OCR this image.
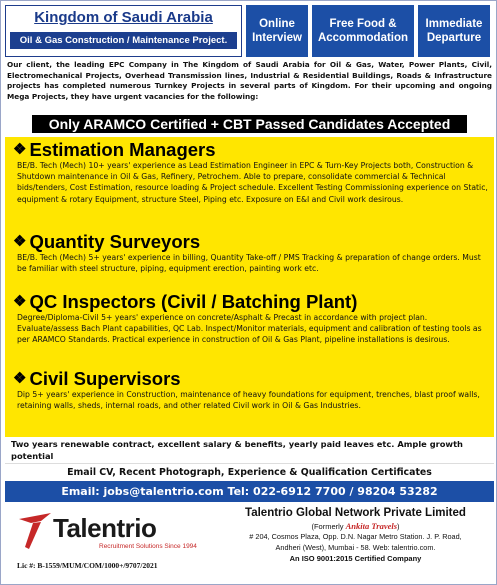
Kingdom of Saudi Arabia
Oil & Gas Construction / Maintenance Project.
Online Interview
Free Food & Accommodation
Immediate Departure
Our client, the leading EPC Company in The Kingdom of Saudi Arabia for Oil & Gas, Water, Power Plants, Civil, Electromechanical Projects, Overhead Transmission lines, Industrial & Residential Buildings, Roads & Infrastructure projects has completed numerous Turnkey Projects in several parts of Kingdom. For their upcoming and ongoing Mega Projects, they have urgent vacancies for the following:
Only ARAMCO Certified + CBT Passed Candidates Accepted
❖ Estimation Managers
BE/B. Tech (Mech) 10+ years' experience as Lead Estimation Engineer in EPC & Turn-Key Projects both, Construction & Shutdown maintenance in Oil & Gas, Refinery, Petrochem. Able to prepare, consolidate commercial & Technical bids/tenders, Cost Estimation, resource loading & Project schedule. Excellent Testing Commissioning experience on Static, equipment & rotary Equipment, structure Steel, Piping etc. Exposure on E&I and Civil work desirous.
❖ Quantity Surveyors
BE/B. Tech (Mech) 5+ years' experience in billing, Quantity Take-off / PMS Tracking & preparation of change orders. Must be familiar with steel structure, piping, equipment erection, painting work etc.
❖ QC Inspectors (Civil / Batching Plant)
Degree/Diploma-Civil 5+ years' experience on concrete/Asphalt & Precast in accordance with project plan. Evaluate/assess Bach Plant capabilities, QC Lab. Inspect/Monitor materials, equipment and calibration of testing tools as per ARAMCO Standards. Practical experience in construction of Oil & Gas Plant, pipeline installations is desirous.
❖ Civil Supervisors
Dip 5+ years' experience in Construction, maintenance of heavy foundations for equipment, trenches, blast proof walls, retaining walls, sheds, internal roads, and other related Civil work in Oil & Gas Industries.
Two years renewable contract, excellent salary & benefits, yearly paid leaves etc. Ample growth potential
Email CV, Recent Photograph, Experience & Qualification Certificates
Email: jobs@talentrio.com Tel: 022-6912 7700 / 98204 53282
Talentrio
Recruitment Solutions Since 1994
Lic #: B-1559/MUM/COM/1000+/9707/2021
Talentrio Global Network Private Limited
(Formerly Ankita Travels)
# 204, Cosmos Plaza, Opp. D.N. Nagar Metro Station. J. P. Road,
Andheri (West), Mumbai - 58. Web: talentrio.com.
An ISO 9001:2015 Certified Company
